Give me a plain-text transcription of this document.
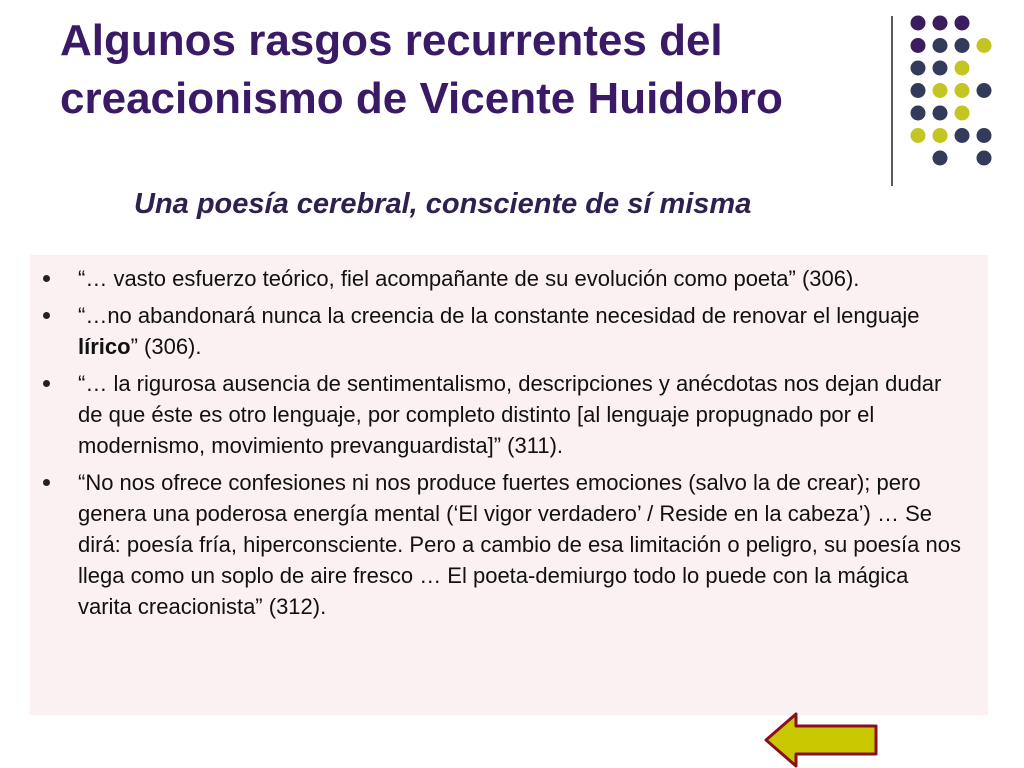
Algunos rasgos recurrentes del creacionismo de Vicente Huidobro
Una poesía cerebral, consciente de sí misma
“… vasto esfuerzo teórico, fiel acompañante de su evolución como poeta” (306).
“…no abandonará nunca la creencia de la constante necesidad de renovar el lenguaje lírico” (306).
“… la rigurosa ausencia de sentimentalismo, descripciones y anécdotas nos dejan dudar de que éste es otro lenguaje, por completo distinto [al lenguaje propugnado por el modernismo, movimiento prevanguardista]” (311).
“No nos ofrece confesiones ni nos produce fuertes emociones (salvo la de crear); pero genera una poderosa energía mental (‘El vigor verdadero’ / Reside en la cabeza’) … Se dirá: poesía fría, hiperconsciente. Pero a cambio de esa limitación o peligro, su poesía nos llega como un soplo de aire fresco … El poeta-demiurgo todo lo puede con la mágica varita creacionista” (312).
